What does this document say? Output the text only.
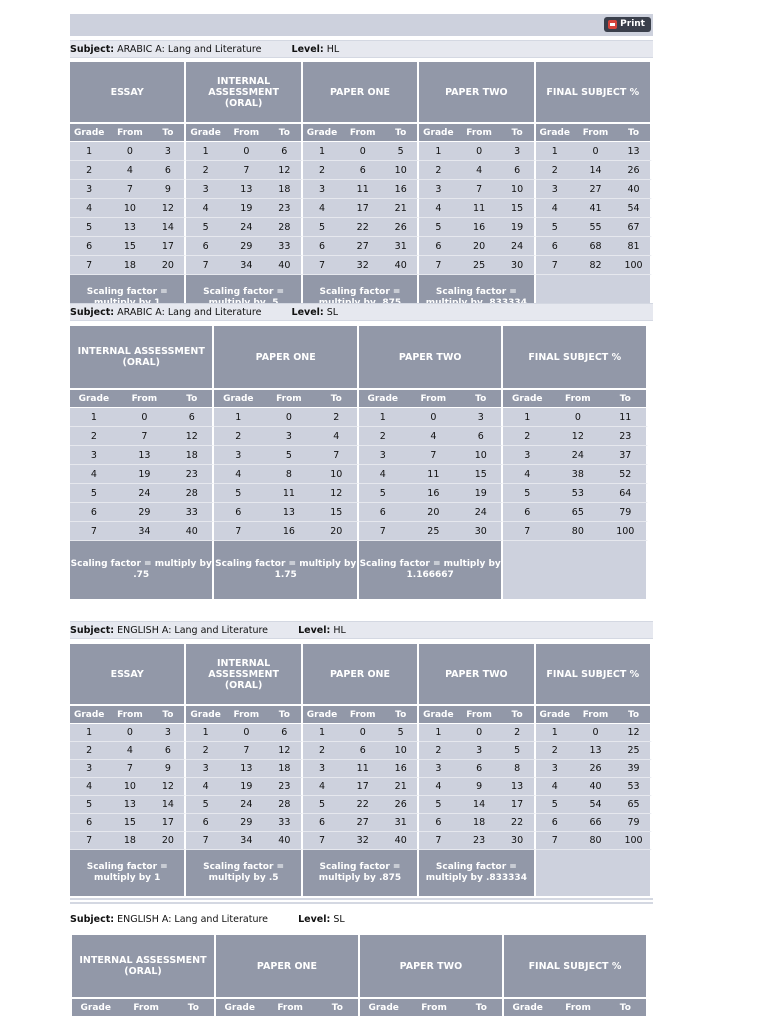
Print
Subject: ARABIC A: Lang and Literature	Level: HL
ESSAY			INTERNAL ASSESSMENT (ORAL)			PAPER ONE			PAPER TWO			FINAL SUBJECT %		
Grade	From	To	Grade	From	To	Grade	From	To	Grade	From	To	Grade	From	To
1	0	3	1	0	6	1	0	5	1	0	3	1	0	13
2	4	6	2	7	12	2	6	10	2	4	6	2	14	26
3	7	9	3	13	18	3	11	16	3	7	10	3	27	40
4	10	12	4	19	23	4	17	21	4	11	15	4	41	54
5	13	14	5	24	28	5	22	26	5	16	19	5	55	67
6	15	17	6	29	33	6	27	31	6	20	24	6	68	81
7	18	20	7	34	40	7	32	40	7	25	30	7	82	100
Scaling factor =			Scaling factor =			Scaling factor =			Scaling factor =					
Subject: ARABIC A: Lang and Literature	Level: SL
INTERNAL ASSESSMENT (ORAL)			PAPER ONE			PAPER TWO			FINAL SUBJECT %		
Grade	From	To	Grade	From	To	Grade	From	To	Grade	From	To
1	0	6	1	0	2	1	0	3	1	0	11
2	7	12	2	3	4	2	4	6	2	12	23
3	13	18	3	5	7	3	7	10	3	24	37
4	19	23	4	8	10	4	11	15	4	38	52
5	24	28	5	11	12	5	16	19	5	53	64
6	29	33	6	13	15	6	20	24	6	65	79
7	34	40	7	16	20	7	25	30	7	80	100
Scaling factor = multiply by .75			Scaling factor = multiply by 1.75			Scaling factor = multiply by 1.166667					
Subject: ENGLISH A: Lang and Literature	Level: HL
ESSAY			INTERNAL ASSESSMENT (ORAL)			PAPER ONE			PAPER TWO			FINAL SUBJECT %		
Grade	From	To	Grade	From	To	Grade	From	To	Grade	From	To	Grade	From	To
1	0	3	1	0	6	1	0	5	1	0	2	1	0	12
2	4	6	2	7	12	2	6	10	2	3	5	2	13	25
3	7	9	3	13	18	3	11	16	3	6	8	3	26	39
4	10	12	4	19	23	4	17	21	4	9	13	4	40	53
5	13	14	5	24	28	5	22	26	5	14	17	5	54	65
6	15	17	6	29	33	6	27	31	6	18	22	6	66	79
7	18	20	7	34	40	7	32	40	7	23	30	7	80	100
Scaling factor = multiply by 1			Scaling factor = multiply by .5			Scaling factor = multiply by .875			Scaling factor = multiply by .833334					
Subject: ENGLISH A: Lang and Literature	Level: SL
INTERNAL ASSESSMENT (ORAL)			PAPER ONE			PAPER TWO			FINAL SUBJECT %		
Grade	From	To	Grade	From	To	Grade	From	To	Grade	From	To
